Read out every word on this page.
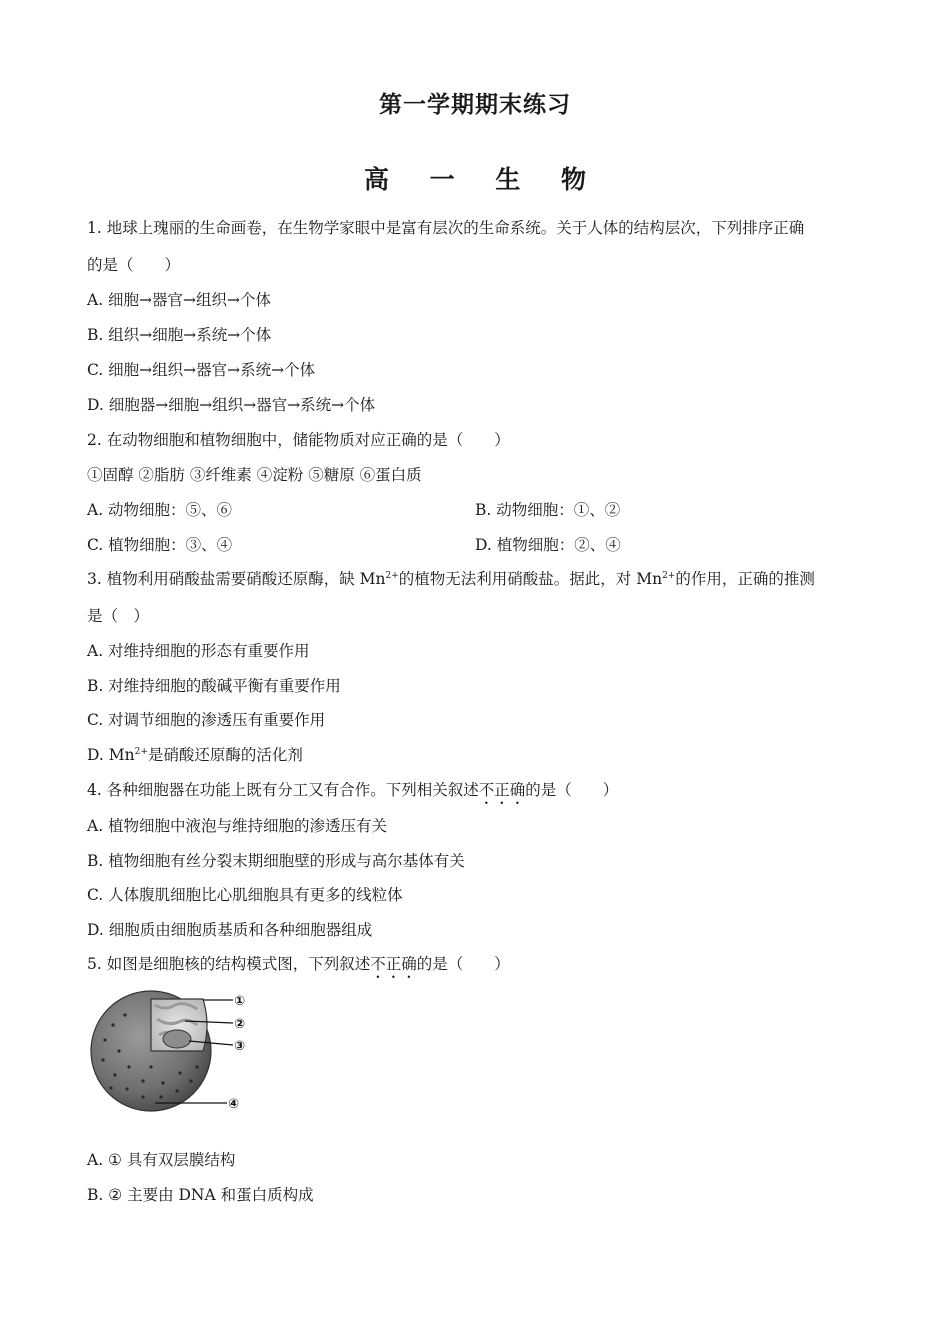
第一学期期末练习
高 一 生 物
1. 地球上瑰丽的生命画卷，在生物学家眼中是富有层次的生命系统。关于人体的结构层次，下列排序正确
的是（　　）
A. 细胞→器官→组织→个体
B. 组织→细胞→系统→个体
C. 细胞→组织→器官→系统→个体
D. 细胞器→细胞→组织→器官→系统→个体
2. 在动物细胞和植物细胞中，储能物质对应正确的是（　　）
①固醇 ②脂肪 ③纤维素 ④淀粉 ⑤糖原 ⑥蛋白质
A. 动物细胞：⑤、⑥	B. 动物细胞：①、②
C. 植物细胞：③、④	D. 植物细胞：②、④
3. 植物利用硝酸盐需要硝酸还原酶，缺 $Mn^{2+}$的植物无法利用硝酸盐。据此，对 $Mn^{2+}$的作用，正确的推测
是（　）
A. 对维持细胞的形态有重要作用
B. 对维持细胞的酸碱平衡有重要作用
C. 对调节细胞的渗透压有重要作用
D. $Mn^{2+}$是硝酸还原酶的活化剂
4. 各种细胞器在功能上既有分工又有合作。下列相关叙述不正确的是（　　）
A. 植物细胞中液泡与维持细胞的渗透压有关
B. 植物细胞有丝分裂末期细胞壁的形成与高尔基体有关
C. 人体腹肌细胞比心肌细胞具有更多的线粒体
D. 细胞质由细胞质基质和各种细胞器组成
5. 如图是细胞核的结构模式图，下列叙述不正确的是（　　）
①
②
③
④
A. ① 具有双层膜结构
B. ② 主要由 DNA 和蛋白质构成
